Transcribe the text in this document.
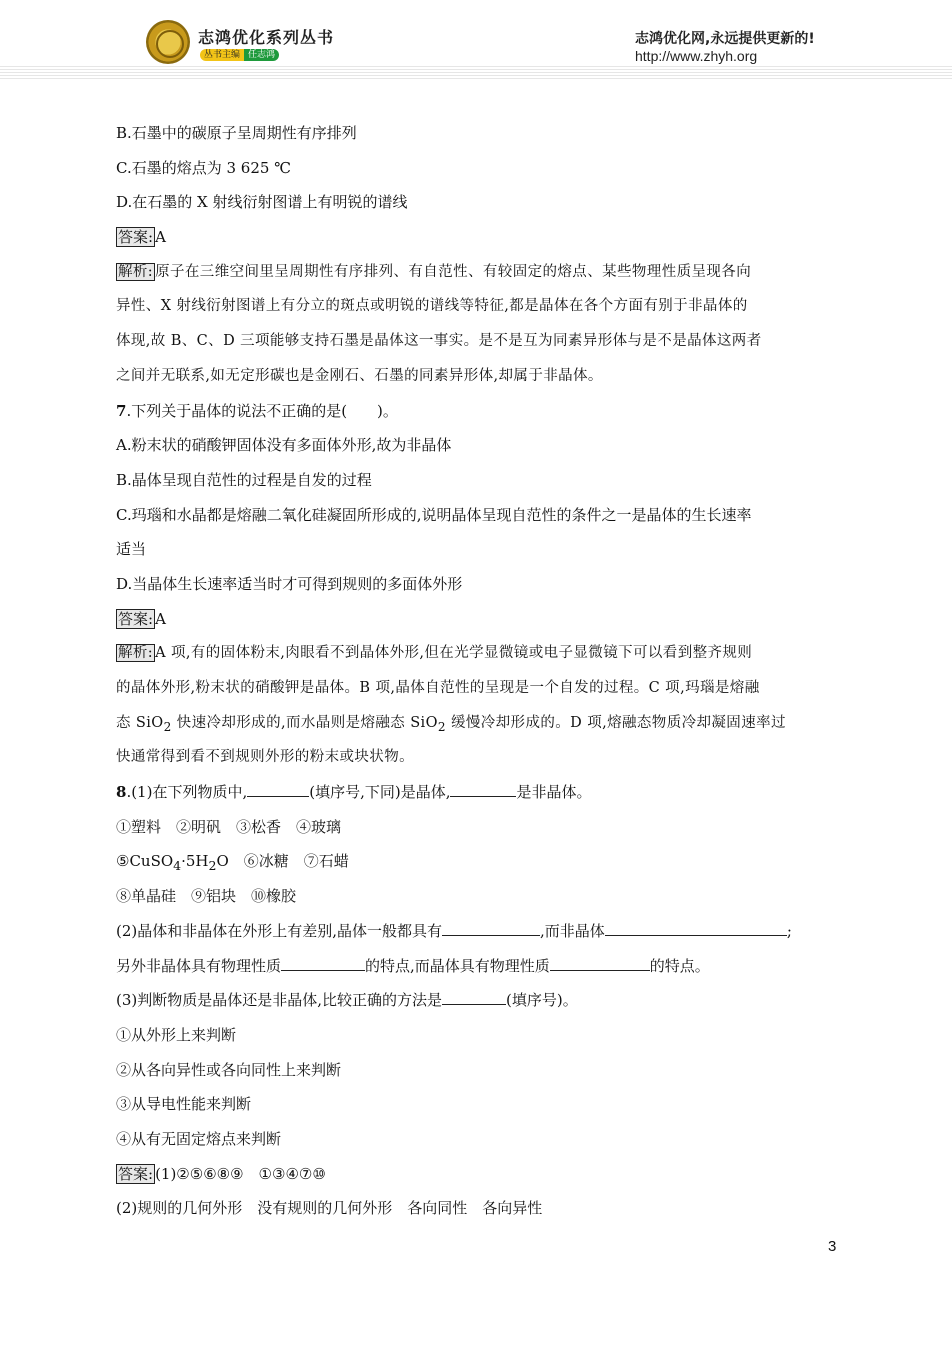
志鸿优化系列丛书
丛书主编 任志鸿
志鸿优化网,永远提供更新的!
http://www.zhyh.org
B.石墨中的碳原子呈周期性有序排列
C.石墨的熔点为 3 625 ℃
D.在石墨的 X 射线衍射图谱上有明锐的谱线
答案: A
解析: 原子在三维空间里呈周期性有序排列、有自范性、有较固定的熔点、某些物理性质呈现各向
异性、X 射线衍射图谱上有分立的斑点或明锐的谱线等特征,都是晶体在各个方面有别于非晶体的
体现,故 B、C、D 三项能够支持石墨是晶体这一事实。是不是互为同素异形体与是不是晶体这两者
之间并无联系,如无定形碳也是金刚石、石墨的同素异形体,却属于非晶体。
7.下列关于晶体的说法不正确的是(　　)。
A.粉末状的硝酸钾固体没有多面体外形,故为非晶体
B.晶体呈现自范性的过程是自发的过程
C.玛瑙和水晶都是熔融二氧化硅凝固所形成的,说明晶体呈现自范性的条件之一是晶体的生长速率
适当
D.当晶体生长速率适当时才可得到规则的多面体外形
答案: A
解析: A 项,有的固体粉末,肉眼看不到晶体外形,但在光学显微镜或电子显微镜下可以看到整齐规则
的晶体外形,粉末状的硝酸钾是晶体。B 项,晶体自范性的呈现是一个自发的过程。C 项,玛瑙是熔融
态 SiO$_2$ 快速冷却形成的,而水晶则是熔融态 SiO$_2$ 缓慢冷却形成的。D 项,熔融态物质冷却凝固速率过
快通常得到看不到规则外形的粉末或块状物。
8.(1)在下列物质中,	(填序号,下同)是晶体,	是非晶体。
①塑料　②明矾　③松香　④玻璃
$⑤CuSO_4\cdot 5H_2O$　⑥冰糖　⑦石蜡
⑧单晶硅　⑨铝块　⑩橡胶
(2)晶体和非晶体在外形上有差别,晶体一般都具有	,而非晶体	;
另外非晶体具有物理性质	的特点,而晶体具有物理性质	的特点。
(3)判断物质是晶体还是非晶体,比较正确的方法是	(填序号)。
①从外形上来判断
②从各向异性或各向同性上来判断
③从导电性能来判断
④从有无固定熔点来判断
答案: (1)②⑤⑥⑧⑨　①③④⑦⑩
(2)规则的几何外形　没有规则的几何外形　各向同性　各向异性
3
